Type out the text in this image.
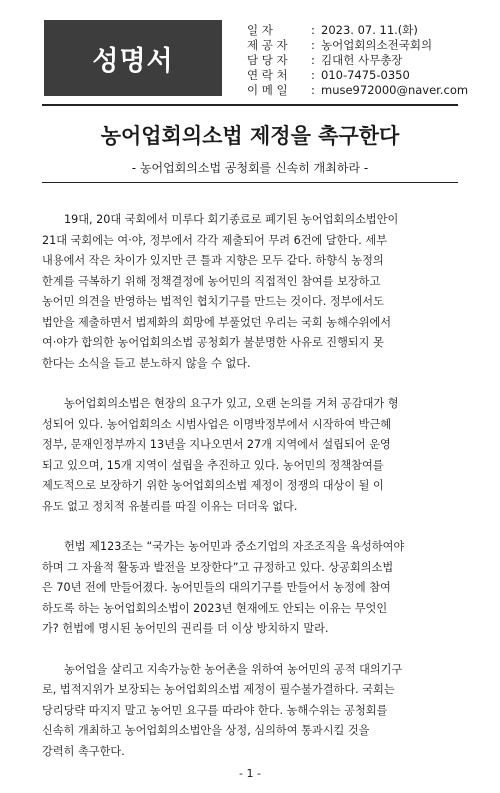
성명서
일 자	: 2023. 07. 11.(화)
제 공 자	: 농어업회의소전국회의
담 당 자	: 김대헌 사무총장
연 락 처	: 010-7475-0350
이 메 일	: muse972000@naver.com
농어업회의소법 제정을 촉구한다
- 농어업회의소법 공청회를 신속히 개최하라 -
19대, 20대 국회에서 미루다 회기종료로 폐기된 농어업회의소법안이
21대 국회에는 여·야, 정부에서 각각 제출되어 무려 6건에 달한다. 세부
내용에서 작은 차이가 있지만 큰 틀과 지향은 모두 같다. 하향식 농정의
한계를 극복하기 위해 정책결정에 농어민의 직접적인 참여를 보장하고
농어민 의견을 반영하는 법적인 협치기구를 만드는 것이다. 정부에서도
법안을 제출하면서 법제화의 희망에 부풀었던 우리는 국회 농해수위에서
여·야가 합의한 농어업회의소법 공청회가 불분명한 사유로 진행되지 못
한다는 소식을 듣고 분노하지 않을 수 없다.
농어업회의소법은 현장의 요구가 있고, 오랜 논의를 거쳐 공감대가 형
성되어 있다. 농어업회의소 시범사업은 이명박정부에서 시작하여 박근혜
정부, 문재인정부까지 13년을 지나오면서 27개 지역에서 설립되어 운영
되고 있으며, 15개 지역이 설립을 추진하고 있다. 농어민의 정책참여를
제도적으로 보장하기 위한 농어업회의소법 제정이 정쟁의 대상이 될 이
유도 없고 정치적 유불리를 따질 이유는 더더욱 없다.
헌법 제123조는 “국가는 농어민과 중소기업의 자조조직을 육성하여야
하며 그 자율적 활동과 발전을 보장한다”고 규정하고 있다. 상공회의소법
은 70년 전에 만들어졌다. 농어민들의 대의기구를 만들어서 농정에 참여
하도록 하는 농어업회의소법이 2023년 현재에도 안되는 이유는 무엇인
가? 헌법에 명시된 농어민의 권리를 더 이상 방치하지 말라.
농어업을 살리고 지속가능한 농어촌을 위하여 농어민의 공적 대의기구
로, 법적지위가 보장되는 농어업회의소법 제정이 필수불가결하다. 국회는
당리당략 따지지 말고 농어민 요구를 따라야 한다. 농해수위는 공청회를
신속히 개최하고 농어업회의소법안을 상정, 심의하여 통과시킬 것을
강력히 촉구한다.
- 1 -
